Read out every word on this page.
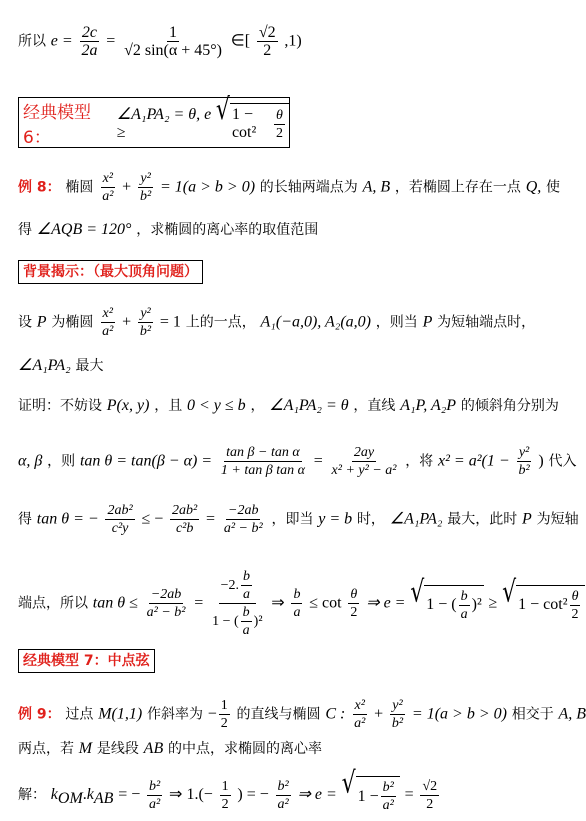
所以 $e = \frac{2c}{2a} = \frac{1}{√2 \sin(\alpha + 45^\circ)}$ ∈[ $\frac{√2}{2} ,1$)
经典模型 6：
∠A₁PA₂ = θ, e ≥
√ 1 − cot²	$\frac{\theta}{2}$
例 8： 椭圆 $\frac{\text{x²}}{\text{a²}} + \frac{\text{y²}}{\text{b²}} = 1(a > b > 0)$ 的长轴两端点为 A, B ，若椭圆上存在一点 Q, 使
得 ∠AQB = 120° ，求椭圆的离心率的取值范围
背景揭示：（最大顶角问题）
设 P 为椭圆 $\frac{\text{x²}}{\text{a²}} + \frac{\text{y²}}{\text{b²}} = 1$ 上的一点， A₁(−a,0), A₂(a,0) ，则当 P 为短轴端点时，
∠A₁PA₂ 最大
证明：不妨设 P(x, y) ，且 0 < y ≤ b ， ∠A₁PA₂ = θ ，直线 A₁P, A₂P 的倾斜角分别为
α, β ，则 $\tan \theta = \tan(\beta - \alpha) = \frac{\text{tan β − tan α}}{\text{1 + tan β tan α}} = \frac{2ay}{\text{x² + y² − a²}}$ ，将 $x^2 = a^2(1 - \frac{\text{y²}}{\text{b²}}$ ) 代入
得 tan θ = − $\frac{\text{2ab²}}{\text{c²y}}$ ≤ − $\frac{\text{2ab²}}{\text{c²b}} = \frac{-2ab}{\text{a² − b²}}$ ，即当 y = b 时， ∠A₁PA₂ 最大，此时 P 为短轴
端点，所以 $\tan \theta \le \frac{-2ab}{\text{a² − b²}} = \frac{-2. \frac{b}{a}}{1 - ( \frac{b}{a} )^2}$ ⇒ $\frac{b}{a} \le \cot \frac{\theta}{2}$ ⇒ e = √ 1 − ( $\frac{b}{a} )^2$ ≥ √ $1 - \cot^2 \frac{\theta}{2}$
经典模型 7：中点弦
例 9： 过点 M(1,1) 作斜率为 − $\frac{1}{2}$ 的直线与椭圆 C : $\frac{\text{x²}}{\text{a²}} + \frac{\text{y²}}{\text{b²}} = 1(a > b > 0)$ 相交于 A, B
两点，若 M 是线段 AB 的中点，求椭圆的离心率
解： $k_{OM}.k_{AB}$ = − $\frac{\text{b²}}{\text{a²}}$ ⇒ $1.(- \frac{1}{2}$ ) = − $\frac{\text{b²}}{\text{a²}}$ ⇒ e = √ $1 - \frac{\text{b²}}{\text{a²}} = \frac{√2}{2}$
